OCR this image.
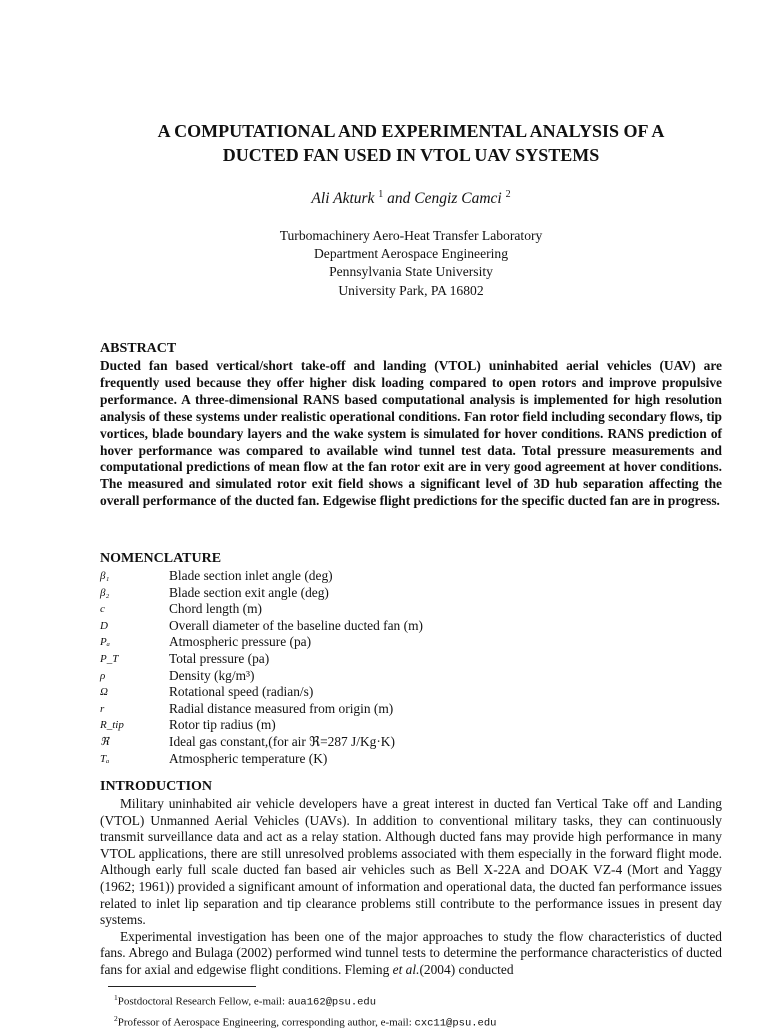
A COMPUTATIONAL AND EXPERIMENTAL ANALYSIS OF A
DUCTED FAN USED IN VTOL UAV SYSTEMS
Ali Akturk $^1$ and Cengiz Camci $^2$
Turbomachinery Aero-Heat Transfer Laboratory
Department Aerospace Engineering
Pennsylvania State University
University Park, PA 16802
ABSTRACT
Ducted fan based vertical/short take-off and landing (VTOL) uninhabited aerial vehicles (UAV) are frequently used because they offer higher disk loading compared to open rotors and improve propulsive performance. A three-dimensional RANS based computational analysis is implemented for high resolution analysis of these systems under realistic operational conditions. Fan rotor field including secondary flows, tip vortices, blade boundary layers and the wake system is simulated for hover conditions. RANS prediction of hover performance was compared to available wind tunnel test data. Total pressure measurements and computational predictions of mean flow at the fan rotor exit are in very good agreement at hover conditions. The measured and simulated rotor exit field shows a significant level of 3D hub separation affecting the overall performance of the ducted fan. Edgewise flight predictions for the specific ducted fan are in progress.
NOMENCLATURE
β₁	Blade section inlet angle (deg)
β₂	Blade section exit angle (deg)
c	Chord length (m)
D	Overall diameter of the baseline ducted fan (m)
Pₐ	Atmospheric pressure (pa)
P_T	Total pressure (pa)
ρ	Density (kg/m³)
Ω	Rotational speed (radian/s)
r	Radial distance measured from origin (m)
R_tip	Rotor tip radius (m)
ℜ	Ideal gas constant,(for air ℜ=287 J/Kg·K)
Tₐ	Atmospheric temperature (K)
INTRODUCTION

Military uninhabited air vehicle developers have a great interest in ducted fan Vertical Take off and Landing (VTOL) Unmanned Aerial Vehicles (UAVs). In addition to conventional military tasks, they can continuously transmit surveillance data and act as a relay station. Although ducted fans may provide high performance in many VTOL applications, there are still unresolved problems associated with them especially in the forward flight mode. Although early full scale ducted fan based air vehicles such as Bell X-22A and DOAK VZ-4 (Mort and Yaggy (1962; 1961)) provided a significant amount of information and operational data, the ducted fan performance issues related to inlet lip separation and tip clearance problems still contribute to the performance issues in present day systems.

Experimental investigation has been one of the major approaches to study the flow characteristics of ducted fans. Abrego and Bulaga (2002) performed wind tunnel tests to determine the performance characteristics of ducted fans for axial and edgewise flight conditions. Fleming et al.(2004) conducted

$^1$Postdoctoral Research Fellow, e-mail: aua162@psu.edu
$^2$Professor of Aerospace Engineering, corresponding author, e-mail: cxc11@psu.edu
